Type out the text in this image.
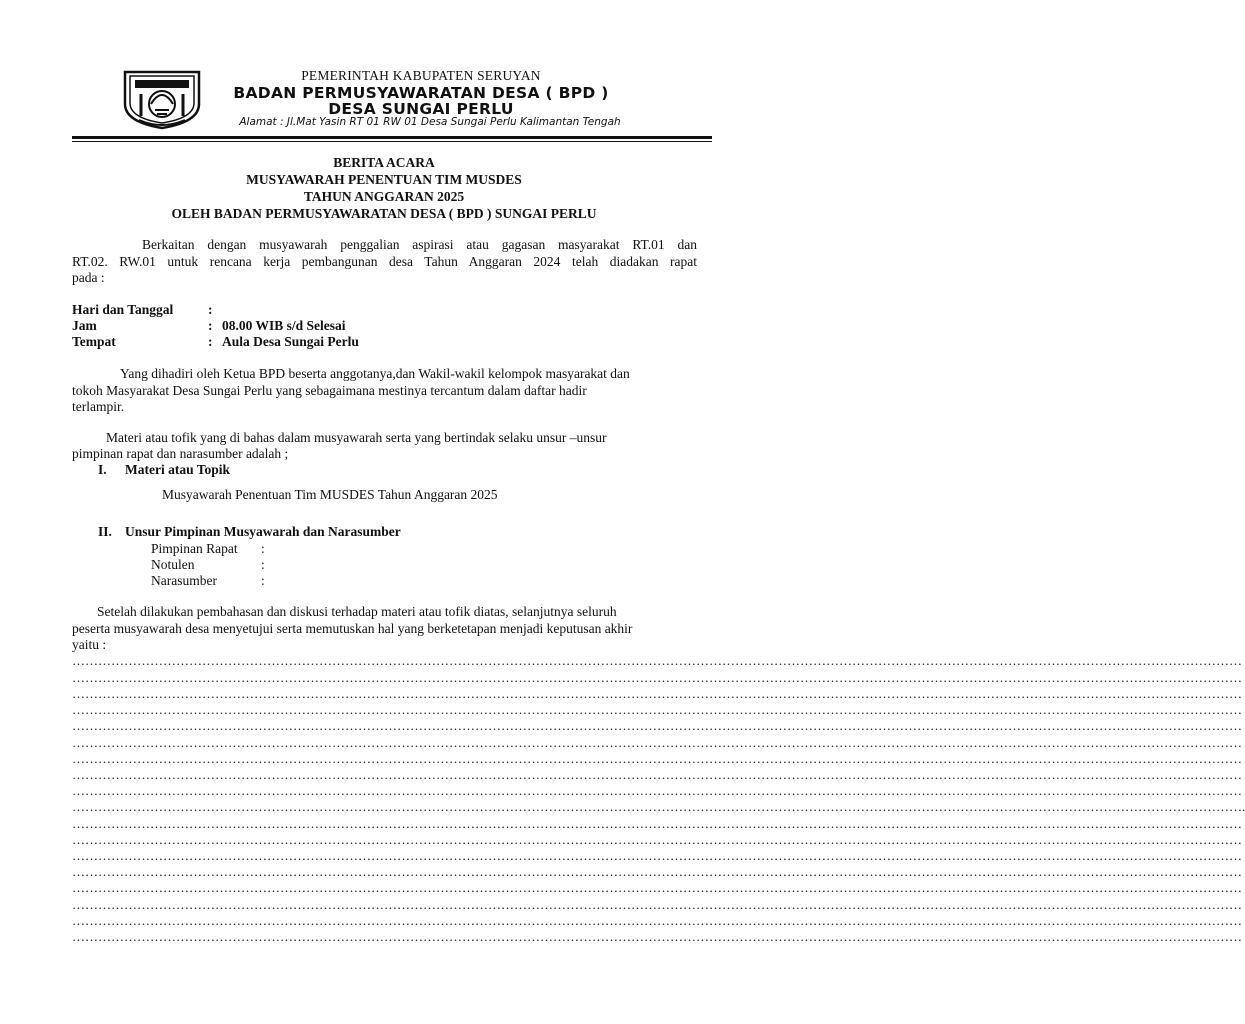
PEMERINTAH KABUPATEN SERUYAN
BADAN PERMUSYAWARATAN DESA ( BPD )
DESA SUNGAI PERLU
Alamat : Jl.Mat Yasin RT 01 RW 01 Desa Sungai Perlu Kalimantan Tengah
BERITA ACARA
MUSYAWARAH PENENTUAN TIM MUSDES
TAHUN ANGGARAN 2025
OLEH BADAN PERMUSYAWARATAN DESA ( BPD ) SUNGAI PERLU
Berkaitan dengan musyawarah penggalian aspirasi atau gagasan masyarakat RT.01 dan
RT.02. RW.01 untuk rencana kerja pembangunan desa Tahun Anggaran 2024 telah diadakan rapat
pada :
Hari dan Tanggal	:
Jam	: 08.00 WIB s/d Selesai
Tempat	: Aula Desa Sungai Perlu
Yang dihadiri oleh Ketua BPD beserta anggotanya,dan Wakil-wakil kelompok masyarakat dan
tokoh Masyarakat Desa Sungai Perlu yang sebagaimana mestinya tercantum dalam daftar hadir
terlampir.
Materi atau tofik yang di bahas dalam musyawarah serta yang bertindak selaku unsur –unsur
pimpinan rapat dan narasumber adalah ;
I.	Materi atau Topik
Musyawarah Penentuan Tim MUSDES Tahun Anggaran 2025
II. Unsur Pimpinan Musyawarah dan Narasumber
Pimpinan Rapat :
Notulen	:
Narasumber	:
Setelah dilakukan pembahasan dan diskusi terhadap materi atau tofik diatas, selanjutnya seluruh
peserta musyawarah desa menyetujui serta memutuskan hal yang berketetapan menjadi keputusan akhir
yaitu :
………………………………………………………………………………………………………………………………………………………………………………………………………………………………………………
………………………………………………………………………………………………………………………………………………………………………………………………………………………………………………
………………………………………………………………………………………………………………………………………………………………………………………………………………………………………………
………………………………………………………………………………………………………………………………………………………………………………………………………………………………………………
………………………………………………………………………………………………………………………………………………………………………………………………………………………………………………
………………………………………………………………………………………………………………………………………………………………………………………………………………………………………………
………………………………………………………………………………………………………………………………………………………………………………………………………………………………………………
………………………………………………………………………………………………………………………………………………………………………………………………………………………………………………
………………………………………………………………………………………………………………………………………………………………………………………………………………………………………………
……………………………………………………………………………………………………………………………………………………………………………………………………………………………………………….
………………………………………………………………………………………………………………………………………………………………………………………………………………………………………………
………………………………………………………………………………………………………………………………………………………………………………………………………………………………………………
………………………………………………………………………………………………………………………………………………………………………………………………………………………………………………
………………………………………………………………………………………………………………………………………………………………………………………………………………………………………………
………………………………………………………………………………………………………………………………………………………………………………………………………………………………………………
………………………………………………………………………………………………………………………………………………………………………………………………………………………………………………
………………………………………………………………………………………………………………………………………………………………………………………………………………………………………………
………………………………………………………………………………………………………………………………………………………………………………………………………………………………………………
